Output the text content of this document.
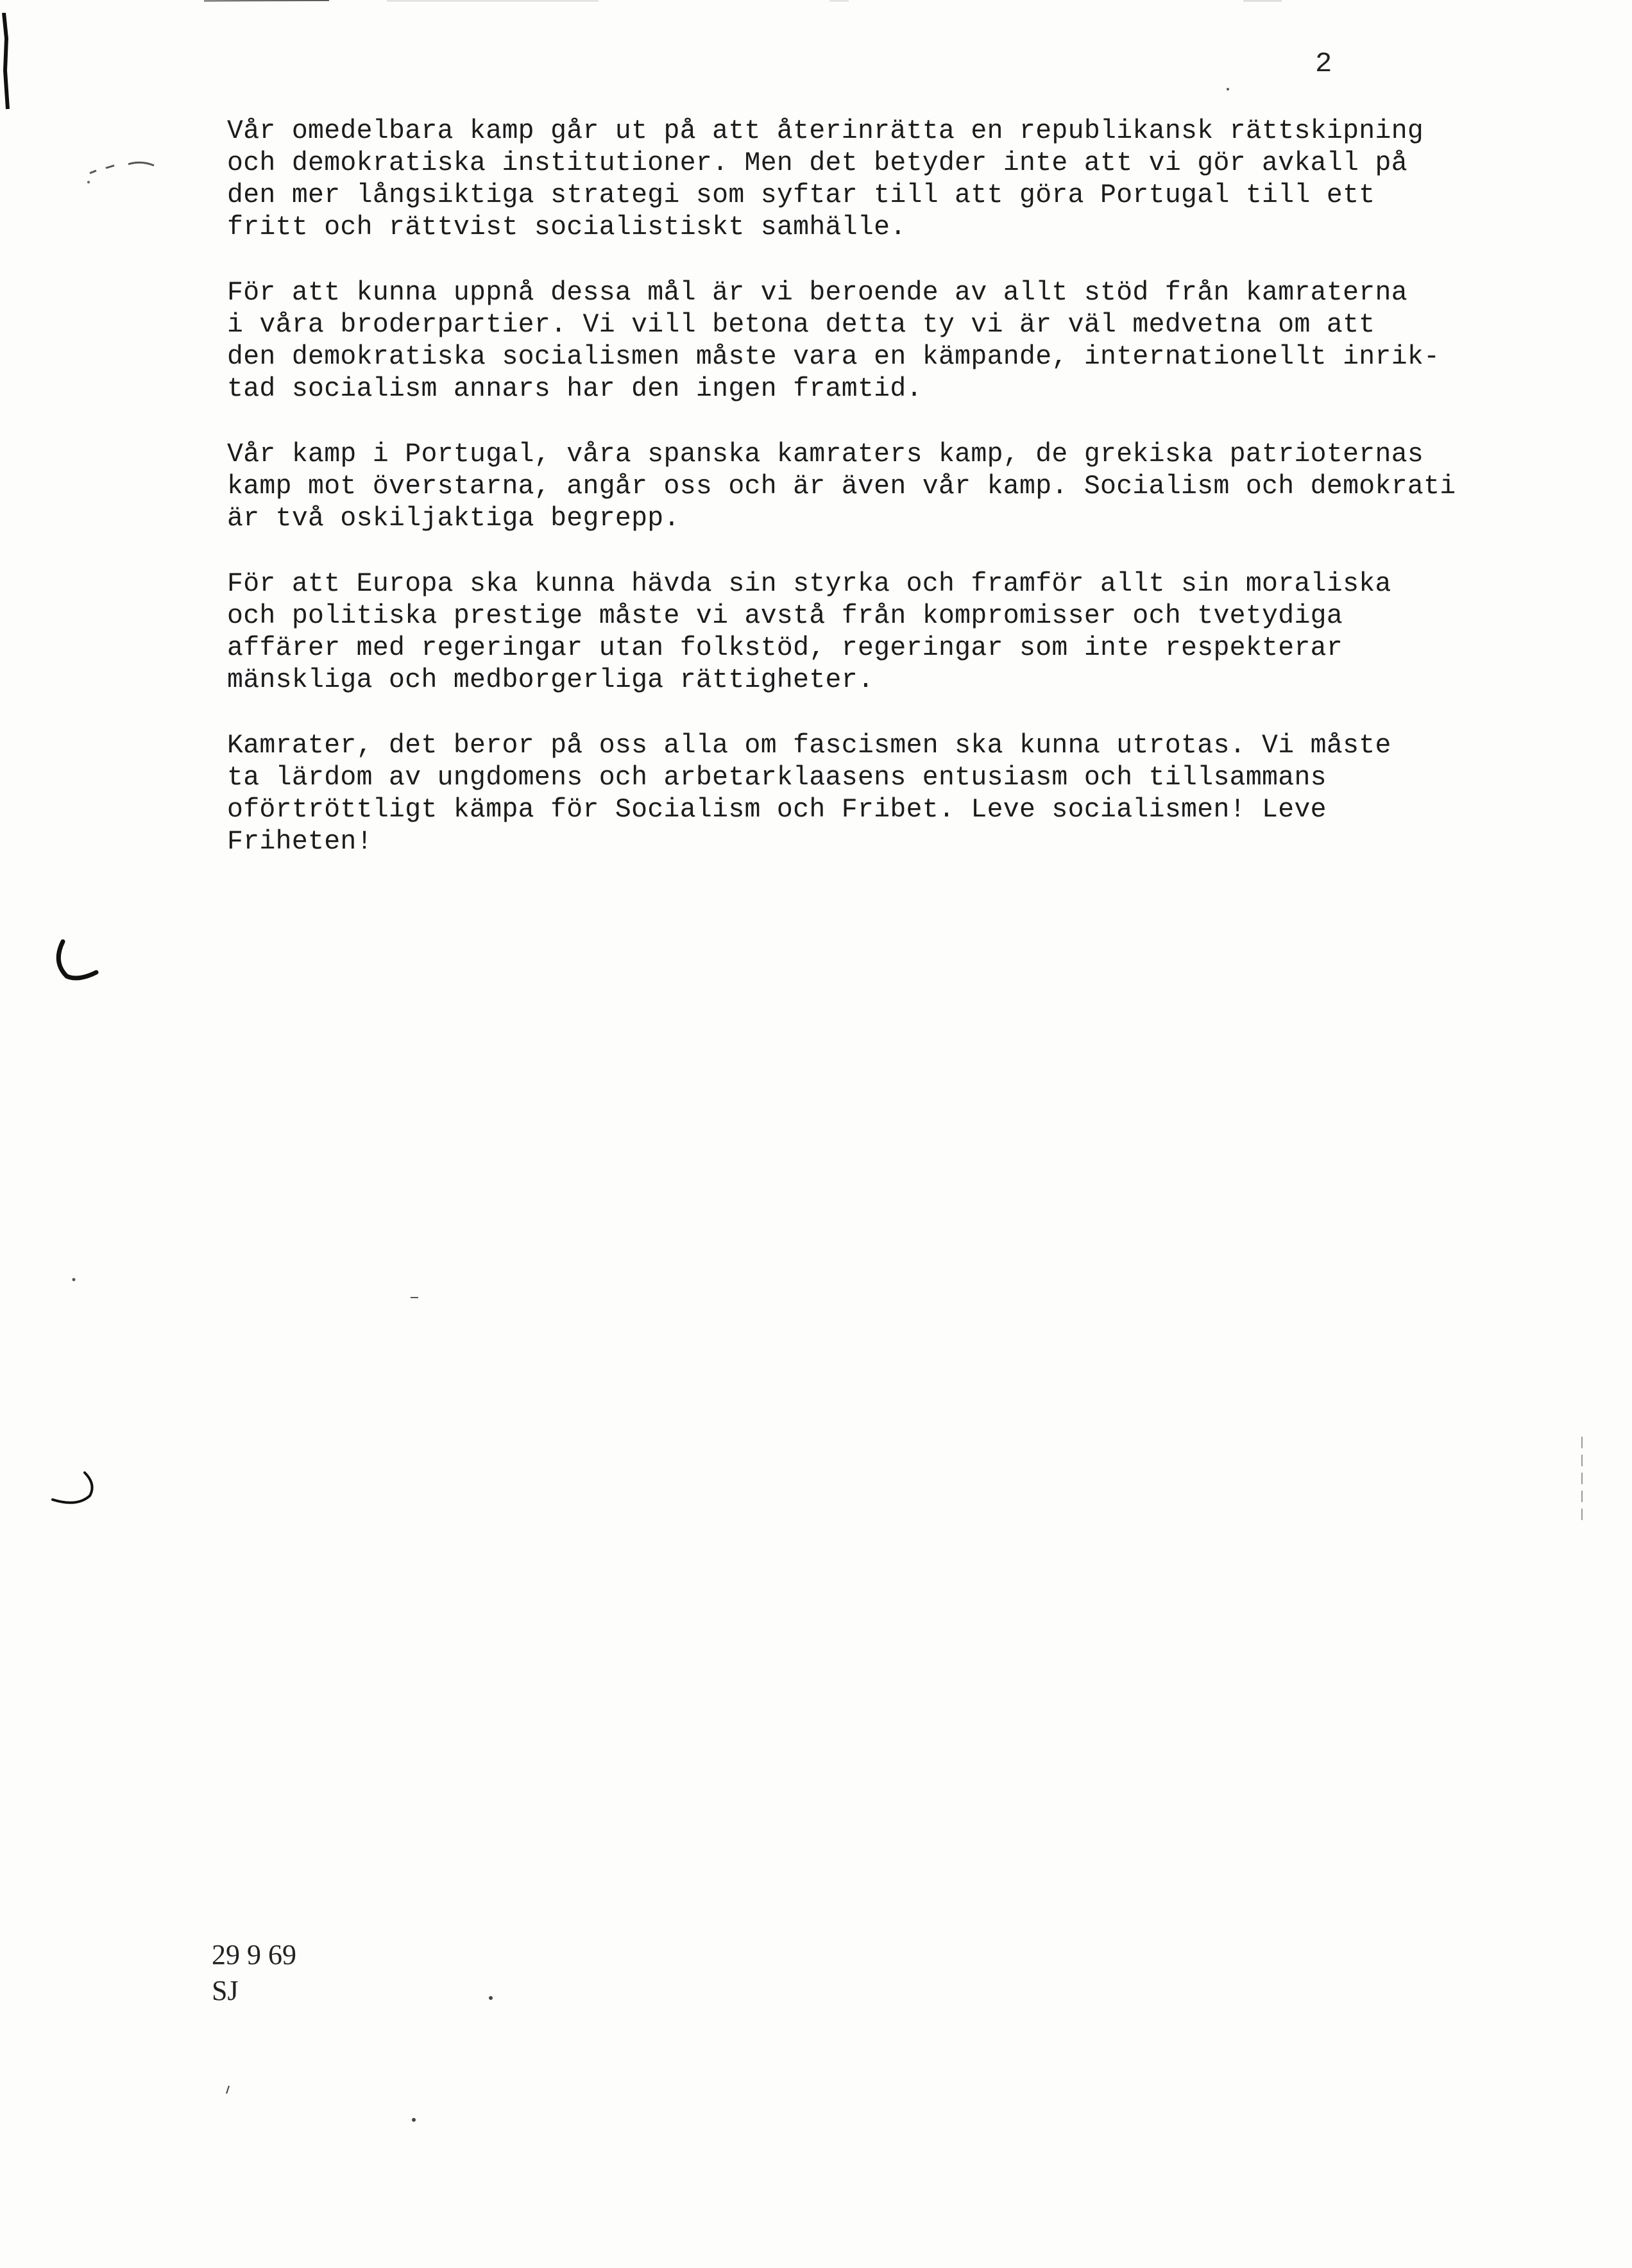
2
Vår omedelbara kamp går ut på att återinrätta en republikansk rättskipning
och demokratiska institutioner. Men det betyder inte att vi gör avkall på
den mer långsiktiga strategi som syftar till att göra Portugal till ett
fritt och rättvist socialistiskt samhälle.
För att kunna uppnå dessa mål är vi beroende av allt stöd från kamraterna
i våra broderpartier. Vi vill betona detta ty vi är väl medvetna om att
den demokratiska socialismen måste vara en kämpande, internationellt inrik-
tad socialism annars har den ingen framtid.
Vår kamp i Portugal, våra spanska kamraters kamp, de grekiska patrioternas
kamp mot överstarna, angår oss och är även vår kamp. Socialism och demokrati
är två oskiljaktiga begrepp.
För att Europa ska kunna hävda sin styrka och framför allt sin moraliska
och politiska prestige måste vi avstå från kompromisser och tvetydiga
affärer med regeringar utan folkstöd, regeringar som inte respekterar
mänskliga och medborgerliga rättigheter.
Kamrater, det beror på oss alla om fascismen ska kunna utrotas. Vi måste
ta lärdom av ungdomens och arbetarklaasens entusiasm och tillsammans
oförtröttligt kämpa för Socialism och Fribet. Leve socialismen! Leve
Friheten!
29 9 69
SJ
